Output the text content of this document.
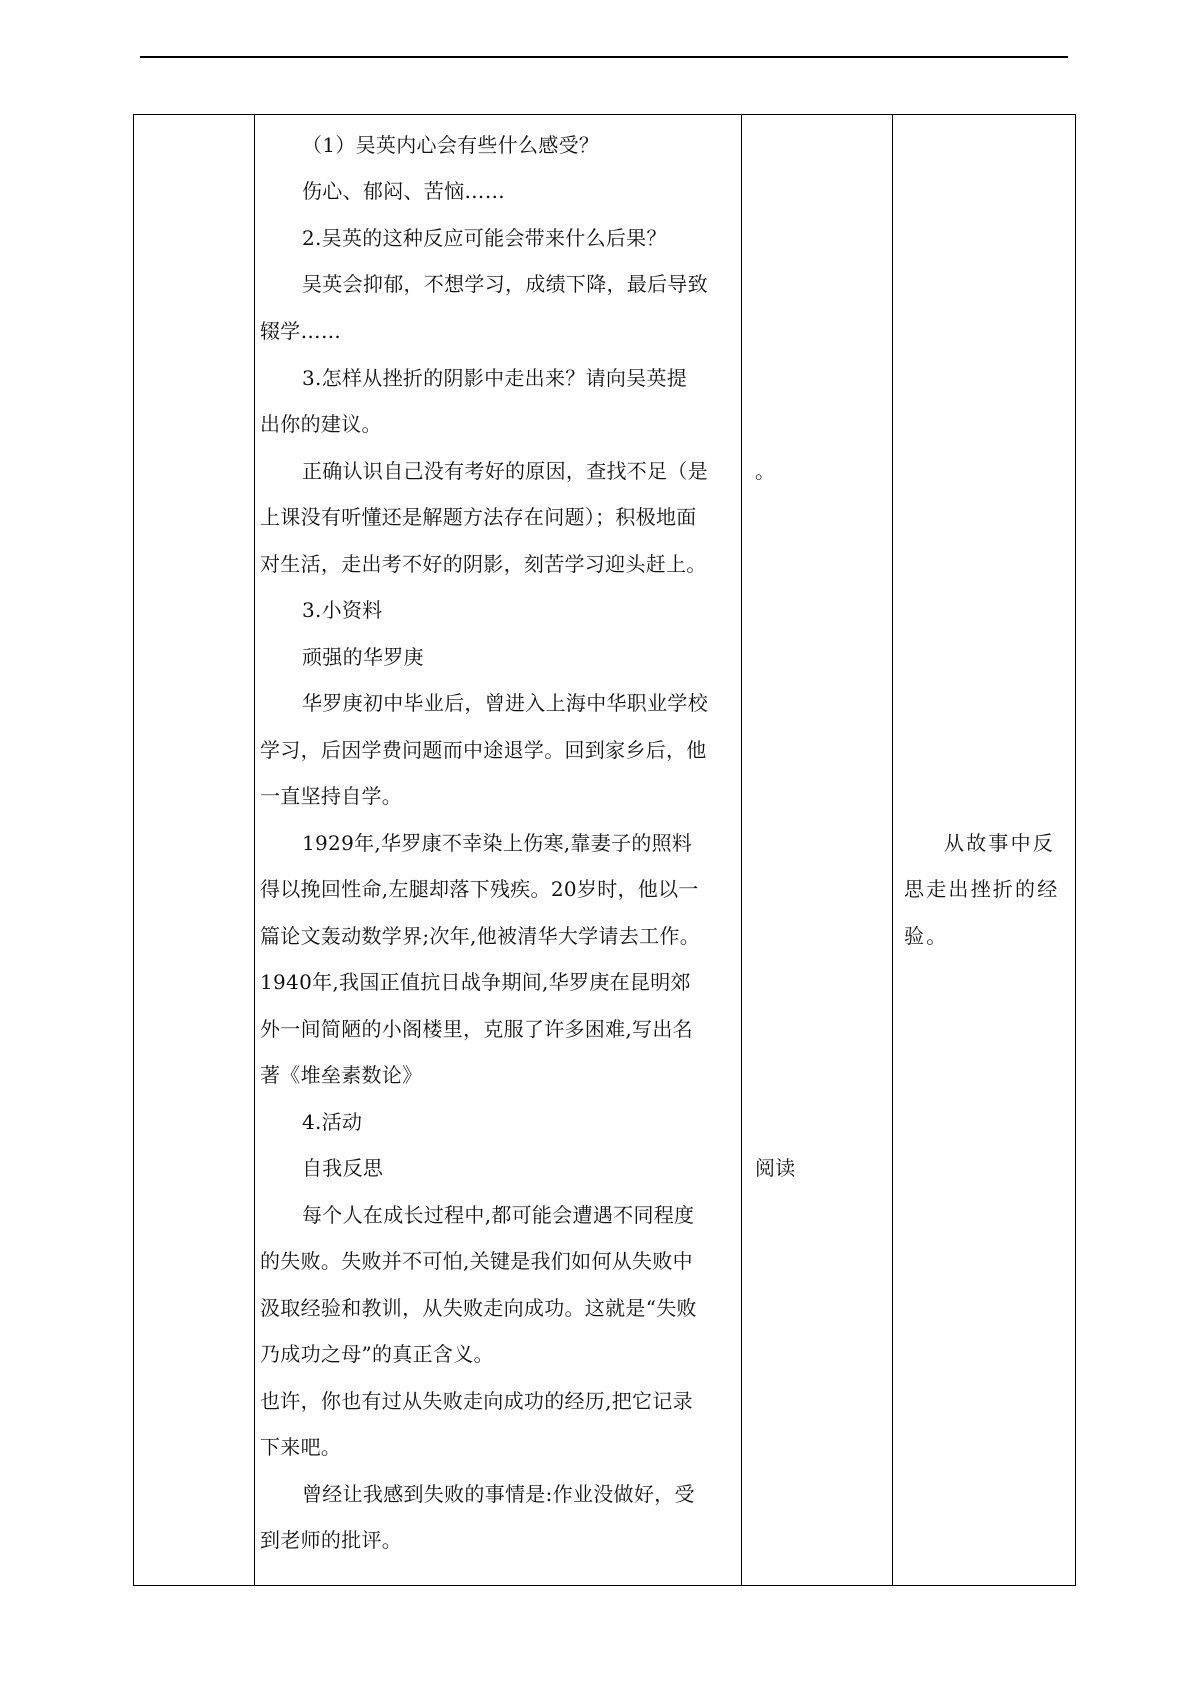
（1）吴英内心会有些什么感受？
伤心、郁闷、苦恼……
2.吴英的这种反应可能会带来什么后果？
吴英会抑郁，不想学习，成绩下降，最后导致
辍学……
3.怎样从挫折的阴影中走出来？请向吴英提
出你的建议。
正确认识自己没有考好的原因，查找不足（是
上课没有听懂还是解题方法存在问题）；积极地面
对生活，走出考不好的阴影，刻苦学习迎头赶上。
3.小资料
顽强的华罗庚
华罗庚初中毕业后，曾进入上海中华职业学校
学习，后因学费问题而中途退学。回到家乡后，他
一直坚持自学。
1929年,华罗康不幸染上伤寒,靠妻子的照料
得以挽回性命,左腿却落下残疾。20岁时，他以一
篇论文轰动数学界;次年,他被清华大学请去工作。
1940年,我国正值抗日战争期间,华罗庚在昆明郊
外一间简陋的小阁楼里，克服了许多困难,写出名
著《堆垒素数论》
4.活动
自我反思
每个人在成长过程中,都可能会遭遇不同程度
的失败。失败并不可怕,关键是我们如何从失败中
汲取经验和教训，从失败走向成功。这就是“失败
乃成功之母”的真正含义。
也许，你也有过从失败走向成功的经历,把它记录
下来吧。
曾经让我感到失败的事情是:作业没做好，受
到老师的批评。
。
阅读
从故事中反
思走出挫折的经
验。
